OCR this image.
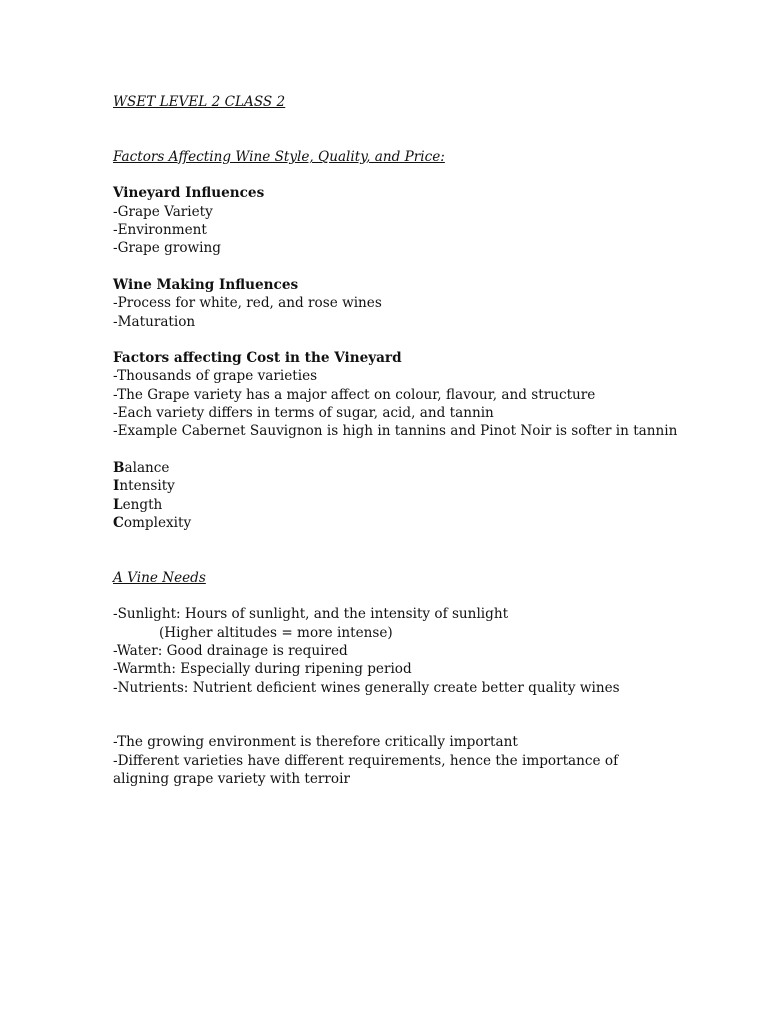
WSET LEVEL 2 CLASS 2
Factors Affecting Wine Style, Quality, and Price:
Vineyard Influences
-Grape Variety
-Environment
-Grape growing
Wine Making Influences
-Process for white, red, and rose wines
-Maturation
Factors affecting Cost in the Vineyard
-Thousands of grape varieties
-The Grape variety has a major affect on colour, flavour, and structure
-Each variety differs in terms of sugar, acid, and tannin
-Example Cabernet Sauvignon is high in tannins and Pinot Noir is softer in tannin
Balance
Intensity
Length
Complexity
A Vine Needs
-Sunlight: Hours of sunlight, and the intensity of sunlight
(Higher altitudes = more intense)
-Water: Good drainage is required
-Warmth: Especially during ripening period
-Nutrients: Nutrient deficient wines generally create better quality wines
-The growing environment is therefore critically important
-Different varieties have different requirements, hence the importance of aligning grape variety with terroir
